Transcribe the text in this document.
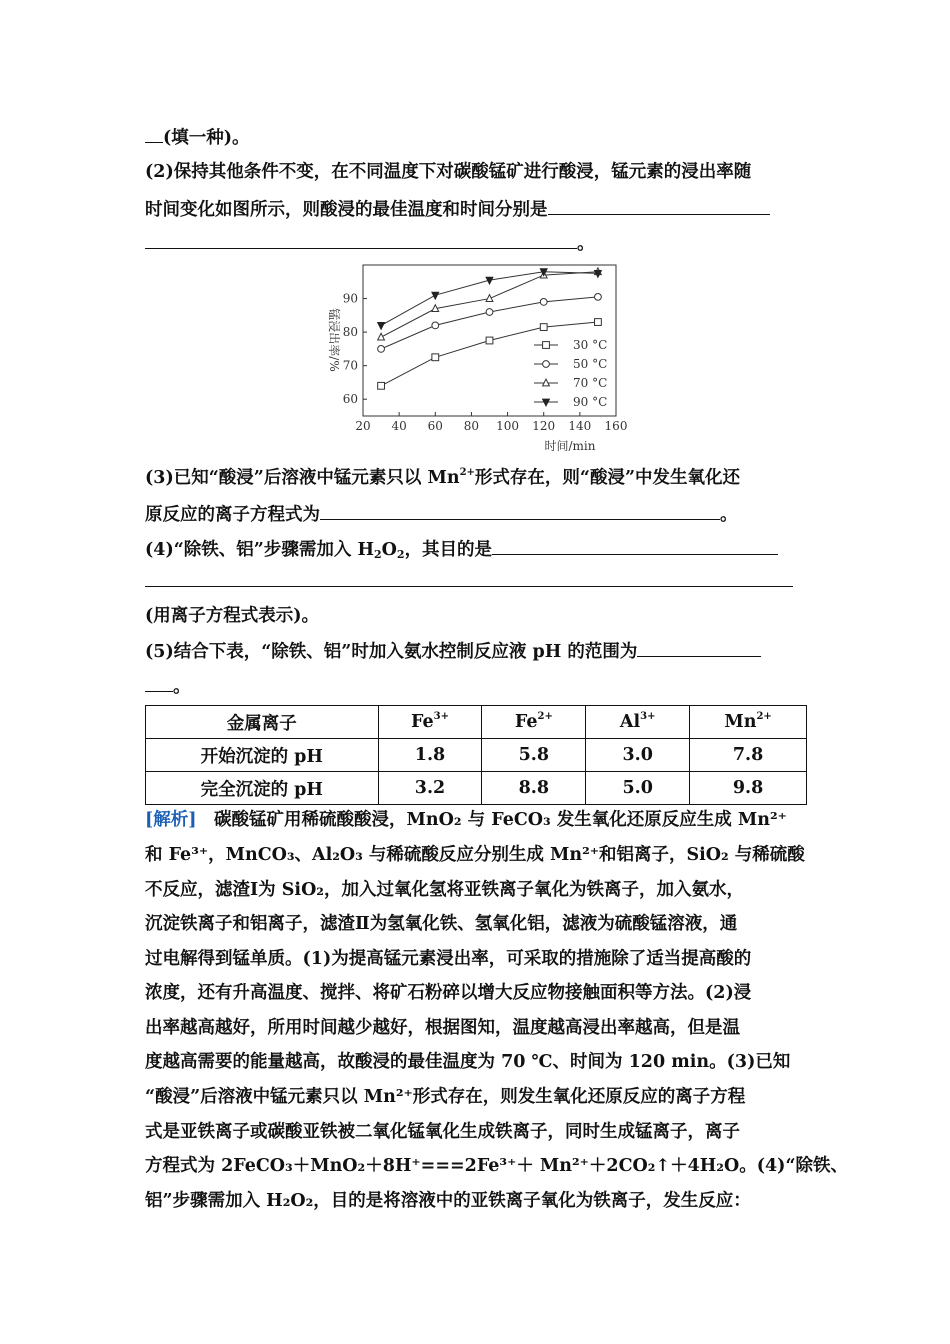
(填一种)。
(2)保持其他条件不变，在不同温度下对碳酸锰矿进行酸浸，锰元素的浸出率随
时间变化如图所示，则酸浸的最佳温度和时间分别是
。
20 40 60 80 100 120 140 160
60
70
80
90
锰浸出率/%
时间/min
30 °C
50 °C
70 °C
90 °C
(3)已知“酸浸”后溶液中锰元素只以 $Mn^{2+}$形式存在，则“酸浸”中发生氧化还
原反应的离子方程式为	。
(4)“除铁、铝”步骤需加入 $H_2O_2$，其目的是
(用离子方程式表示)。
(5)结合下表，“除铁、铝”时加入氨水控制反应液 pH 的范围为
。
金属离子	$Fe^{3+}$	$Fe^{2+}$	$Al^{3+}$	$Mn^{2+}$
开始沉淀的 pH	1.8	5.8	3.0	7.8
完全沉淀的 pH	3.2	8.8	5.0	9.8
[解析]　碳酸锰矿用稀硫酸酸浸，MnO₂ 与 FeCO₃ 发生氧化还原反应生成 Mn²⁺
和 Fe³⁺，MnCO₃、Al₂O₃ 与稀硫酸反应分别生成 Mn²⁺和铝离子，SiO₂ 与稀硫酸
不反应，滤渣Ⅰ为 SiO₂，加入过氧化氢将亚铁离子氧化为铁离子，加入氨水，
沉淀铁离子和铝离子，滤渣Ⅱ为氢氧化铁、氢氧化铝，滤液为硫酸锰溶液，通
过电解得到锰单质。(1)为提高锰元素浸出率，可采取的措施除了适当提高酸的
浓度，还有升高温度、搅拌、将矿石粉碎以增大反应物接触面积等方法。(2)浸
出率越高越好，所用时间越少越好，根据图知，温度越高浸出率越高，但是温
度越高需要的能量越高，故酸浸的最佳温度为 70 ℃、时间为 120 min。(3)已知
“酸浸”后溶液中锰元素只以 Mn²⁺形式存在，则发生氧化还原反应的离子方程
式是亚铁离子或碳酸亚铁被二氧化锰氧化生成铁离子，同时生成锰离子，离子
方程式为 2FeCO₃＋MnO₂＋8H⁺===2Fe³⁺＋ Mn²⁺＋2CO₂↑＋4H₂O。(4)“除铁、
铝”步骤需加入 H₂O₂，目的是将溶液中的亚铁离子氧化为铁离子，发生反应：
